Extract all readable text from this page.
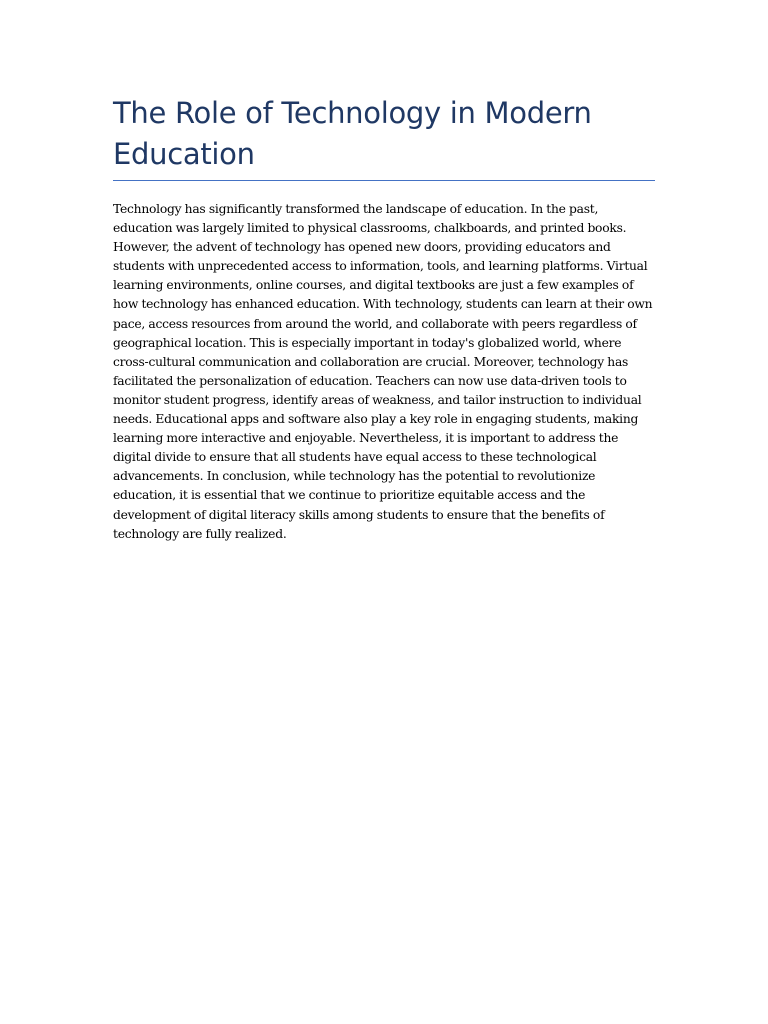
The Role of Technology in Modern Education

Technology has significantly transformed the landscape of education. In the past, education was largely limited to physical classrooms, chalkboards, and printed books. However, the advent of technology has opened new doors, providing educators and students with unprecedented access to information, tools, and learning platforms. Virtual learning environments, online courses, and digital textbooks are just a few examples of how technology has enhanced education. With technology, students can learn at their own pace, access resources from around the world, and collaborate with peers regardless of geographical location. This is especially important in today's globalized world, where cross-cultural communication and collaboration are crucial. Moreover, technology has facilitated the personalization of education. Teachers can now use data-driven tools to monitor student progress, identify areas of weakness, and tailor instruction to individual needs. Educational apps and software also play a key role in engaging students, making learning more interactive and enjoyable. Nevertheless, it is important to address the digital divide to ensure that all students have equal access to these technological advancements. In conclusion, while technology has the potential to revolutionize education, it is essential that we continue to prioritize equitable access and the development of digital literacy skills among students to ensure that the benefits of technology are fully realized.
